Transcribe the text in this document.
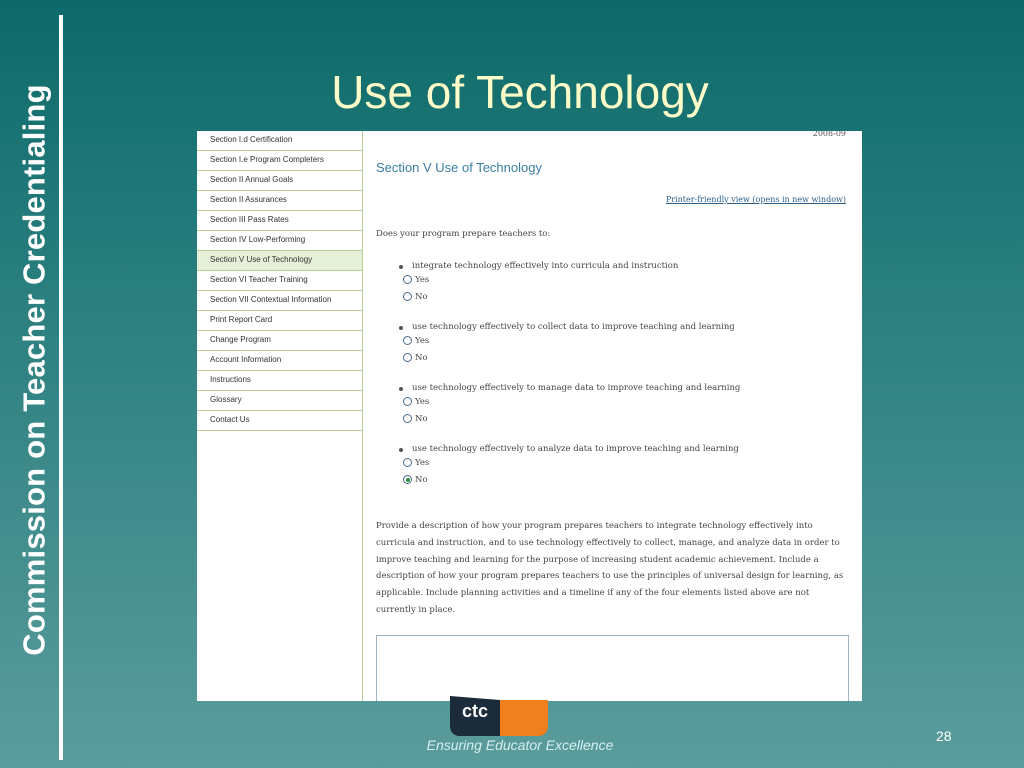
Commission on Teacher Credentialing	Use of Technology
Section I.d Certification
Section I.e Program Completers
Section II Annual Goals
Section II Assurances
Section III Pass Rates
Section IV Low-Performing
Section V Use of Technology
Section VI Teacher Training
Section VII Contextual Information
Print Report Card
Change Program
Account Information
Instructions
Glossary
Contact Us
2008-09
Section V Use of Technology
Printer-friendly view (opens in new window)
Does your program prepare teachers to:
integrate technology effectively into curricula and instruction
Yes
No
use technology effectively to collect data to improve teaching and learning
Yes
No
use technology effectively to manage data to improve teaching and learning
Yes
No
use technology effectively to analyze data to improve teaching and learning
Yes
No
Provide a description of how your program prepares teachers to integrate technology effectively into curricula and instruction, and to use technology effectively to collect, manage, and analyze data in order to improve teaching and learning for the purpose of increasing student academic achievement. Include a description of how your program prepares teachers to use the principles of universal design for learning, as applicable. Include planning activities and a timeline if any of the four elements listed above are not currently in place.
ctc
Ensuring Educator Excellence
28
